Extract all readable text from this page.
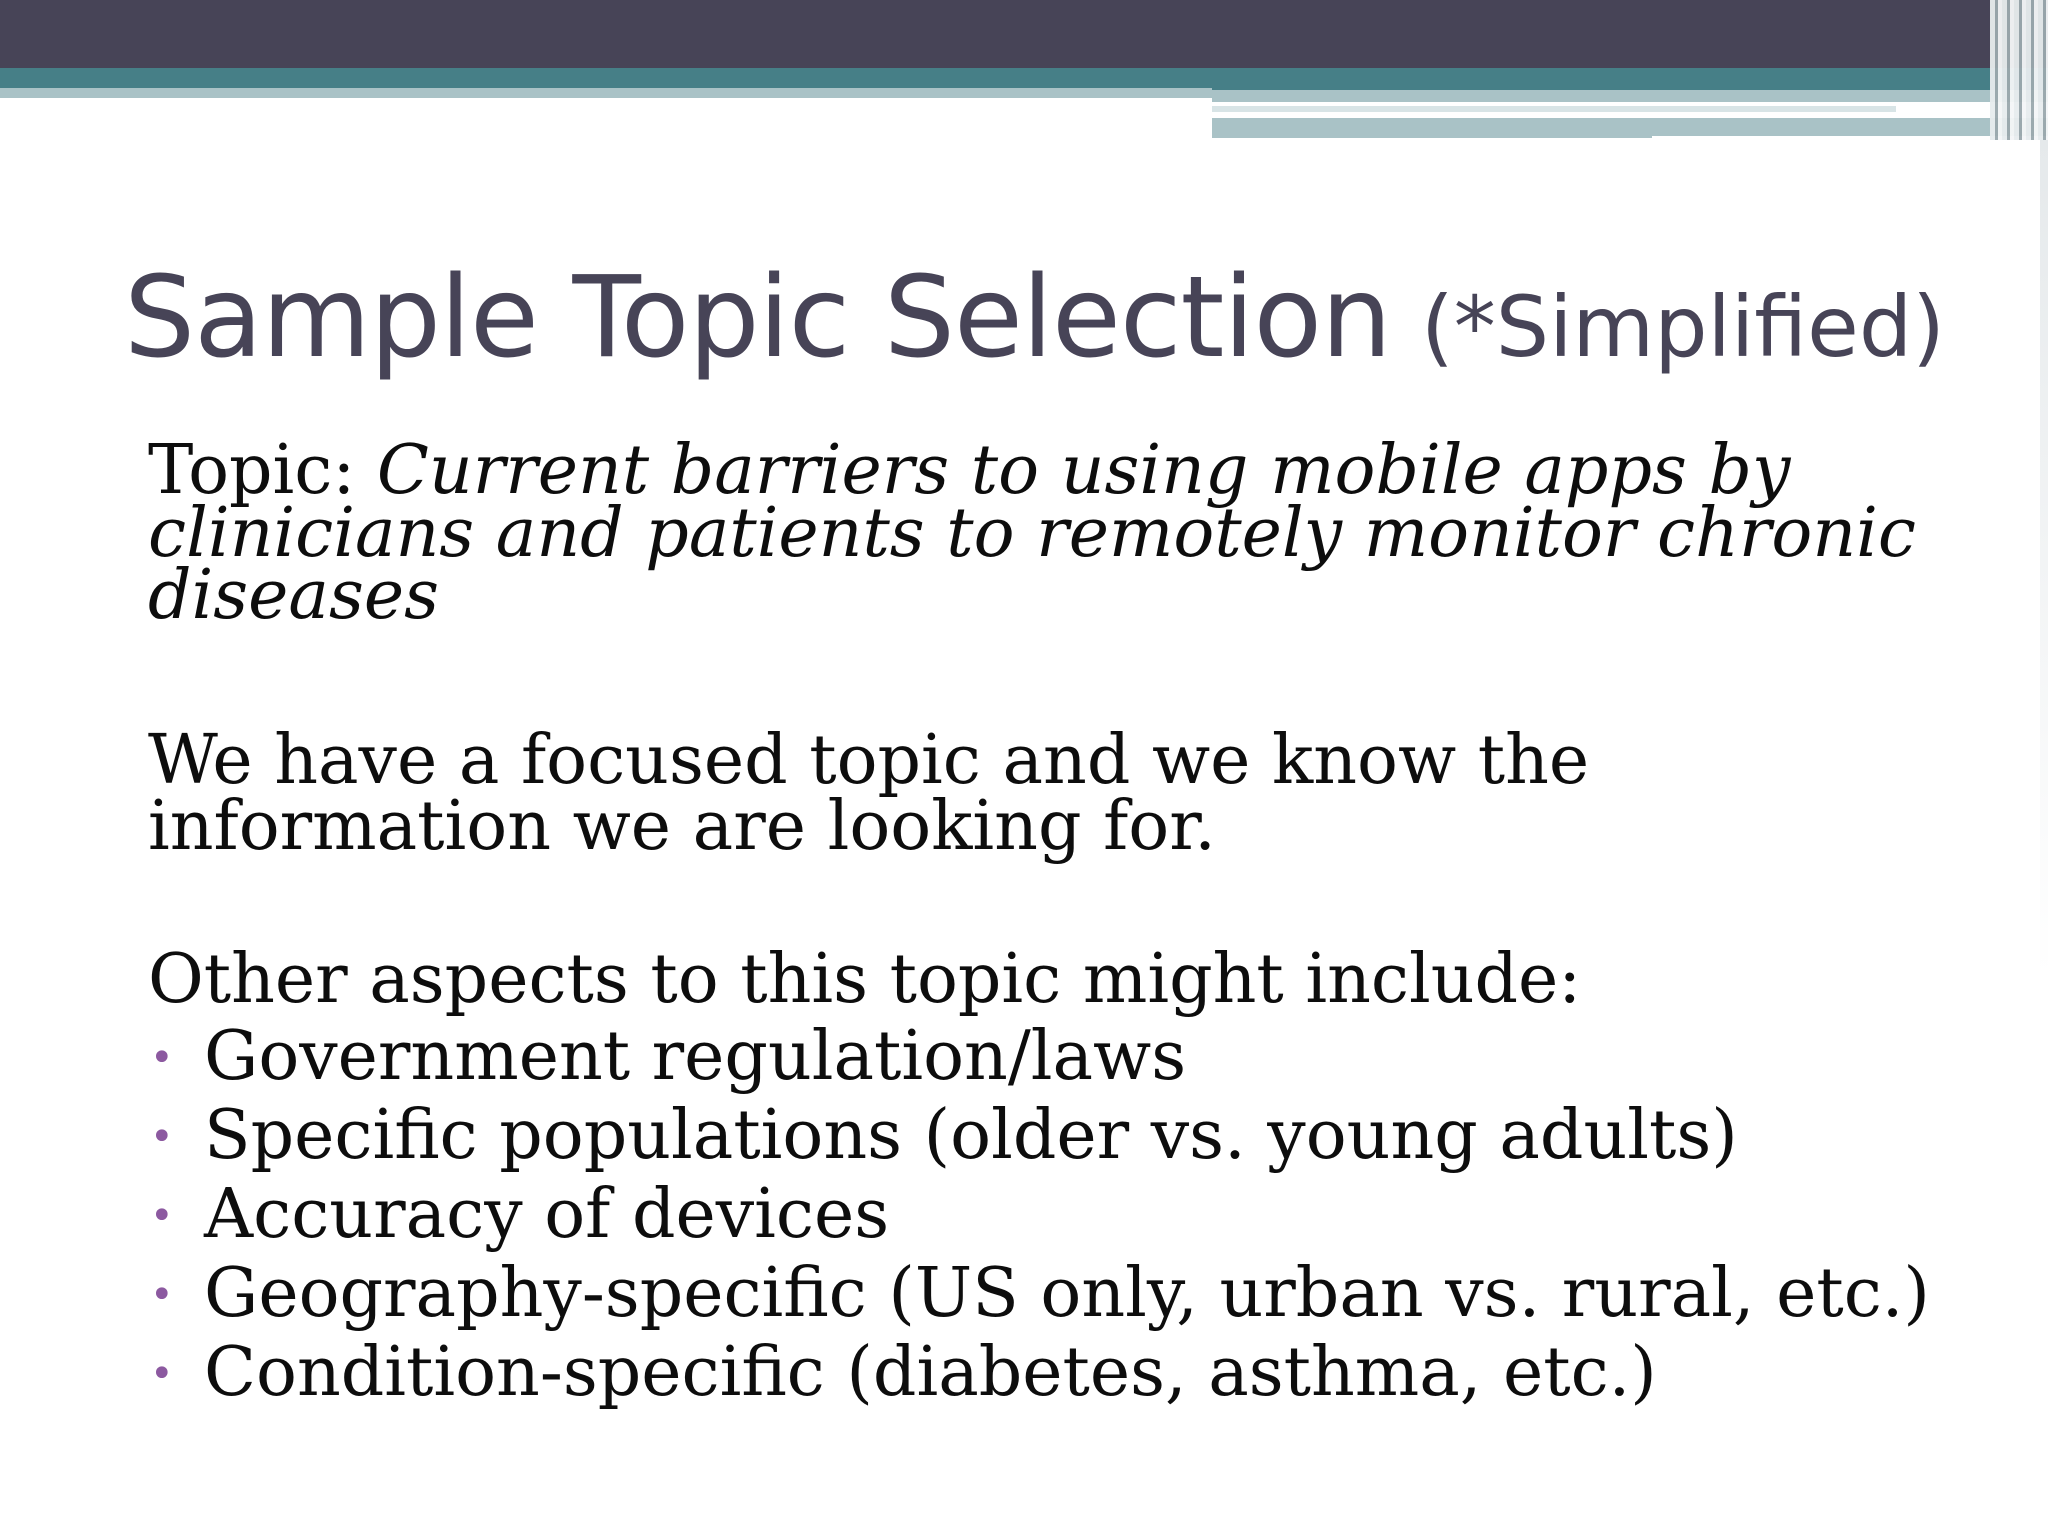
Sample Topic Selection (*Simplified)

Topic: Current barriers to using mobile apps by clinicians and patients to remotely monitor chronic diseases

We have a focused topic and we know the information we are looking for.

Other aspects to this topic might include:

• Government regulation/laws
• Specific populations (older vs. young adults)
• Accuracy of devices
• Geography-specific (US only, urban vs. rural, etc.)
• Condition-specific (diabetes, asthma, etc.)
